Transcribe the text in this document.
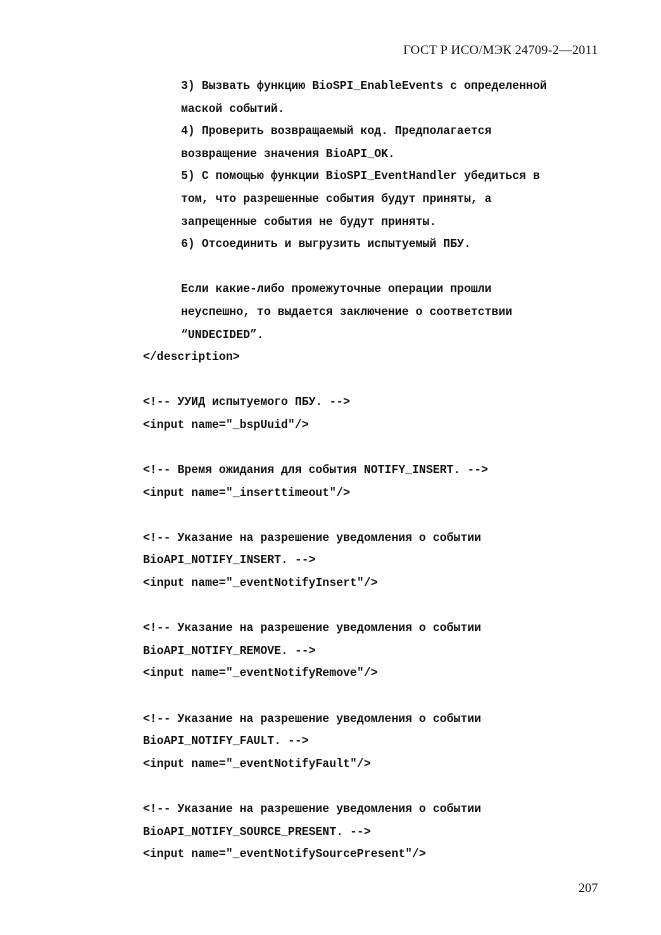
ГОСТ Р ИСО/МЭК 24709-2—2011
3) Вызвать функцию BioSPI_EnableEvents с определенной
маской событий.
4) Проверить возвращаемый код. Предполагается
возвращение значения BioAPI_OK.
5) С помощью функции BioSPI_EventHandler убедиться в
том, что разрешенные события будут приняты, а
запрещенные события не будут приняты.
6) Отсоединить и выгрузить испытуемый ПБУ.
Если какие-либо промежуточные операции прошли
неуспешно, то выдается заключение о соответствии
“UNDECIDED”.
</description>
<!-- УУИД испытуемого ПБУ. -->
<input name="_bspUuid"/>
<!-- Время ожидания для события NOTIFY_INSERT. -->
<input name="_inserttimeout"/>
<!-- Указание на разрешение уведомления о событии
BioAPI_NOTIFY_INSERT. -->
<input name="_eventNotifyInsert"/>
<!-- Указание на разрешение уведомления о событии
BioAPI_NOTIFY_REMOVE. -->
<input name="_eventNotifyRemove"/>
<!-- Указание на разрешение уведомления о событии
BioAPI_NOTIFY_FAULT. -->
<input name="_eventNotifyFault"/>
<!-- Указание на разрешение уведомления о событии
BioAPI_NOTIFY_SOURCE_PRESENT. -->
<input name="_eventNotifySourcePresent"/>
207
